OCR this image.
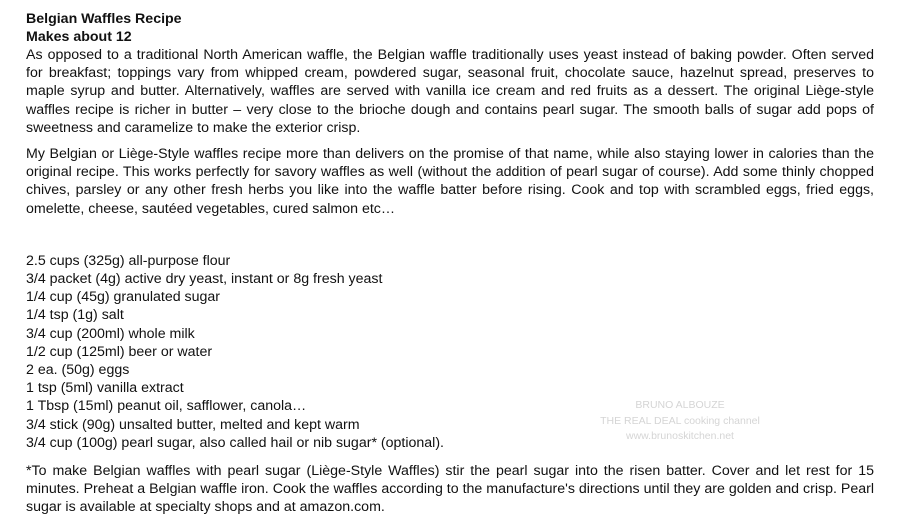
Belgian Waffles Recipe
Makes about 12

As opposed to a traditional North American waffle, the Belgian waffle traditionally uses yeast instead of baking powder. Often served for breakfast; toppings vary from whipped cream, powdered sugar, seasonal fruit, chocolate sauce, hazelnut spread, preserves to maple syrup and butter. Alternatively, waffles are served with vanilla ice cream and red fruits as a dessert. The original Liège-style waffles recipe is richer in butter – very close to the brioche dough and contains pearl sugar. The smooth balls of sugar add pops of sweetness and caramelize to make the exterior crisp.

My Belgian or Liège-Style waffles recipe more than delivers on the promise of that name, while also staying lower in calories than the original recipe. This works perfectly for savory waffles as well (without the addition of pearl sugar of course). Add some thinly chopped chives, parsley or any other fresh herbs you like into the waffle batter before rising. Cook and top with scrambled eggs, fried eggs, omelette, cheese, sautéed vegetables, cured salmon etc…

2.5 cups (325g) all-purpose flour
3/4 packet (4g) active dry yeast, instant or 8g fresh yeast
1/4 cup (45g) granulated sugar
1/4 tsp (1g) salt
3/4 cup (200ml) whole milk
1/2 cup (125ml) beer or water
2 ea. (50g) eggs
1 tsp (5ml) vanilla extract
1 Tbsp (15ml) peanut oil, safflower, canola…
3/4 stick (90g) unsalted butter, melted and kept warm
3/4 cup (100g) pearl sugar, also called hail or nib sugar* (optional).

*To make Belgian waffles with pearl sugar (Liège-Style Waffles) stir the pearl sugar into the risen batter. Cover and let rest for 15 minutes. Preheat a Belgian waffle iron. Cook the waffles according to the manufacture's directions until they are golden and crisp. Pearl sugar is available at specialty shops and at amazon.com.

BRUNO ALBOUZE
THE REAL DEAL cooking channel
www.brunoskitchen.net
